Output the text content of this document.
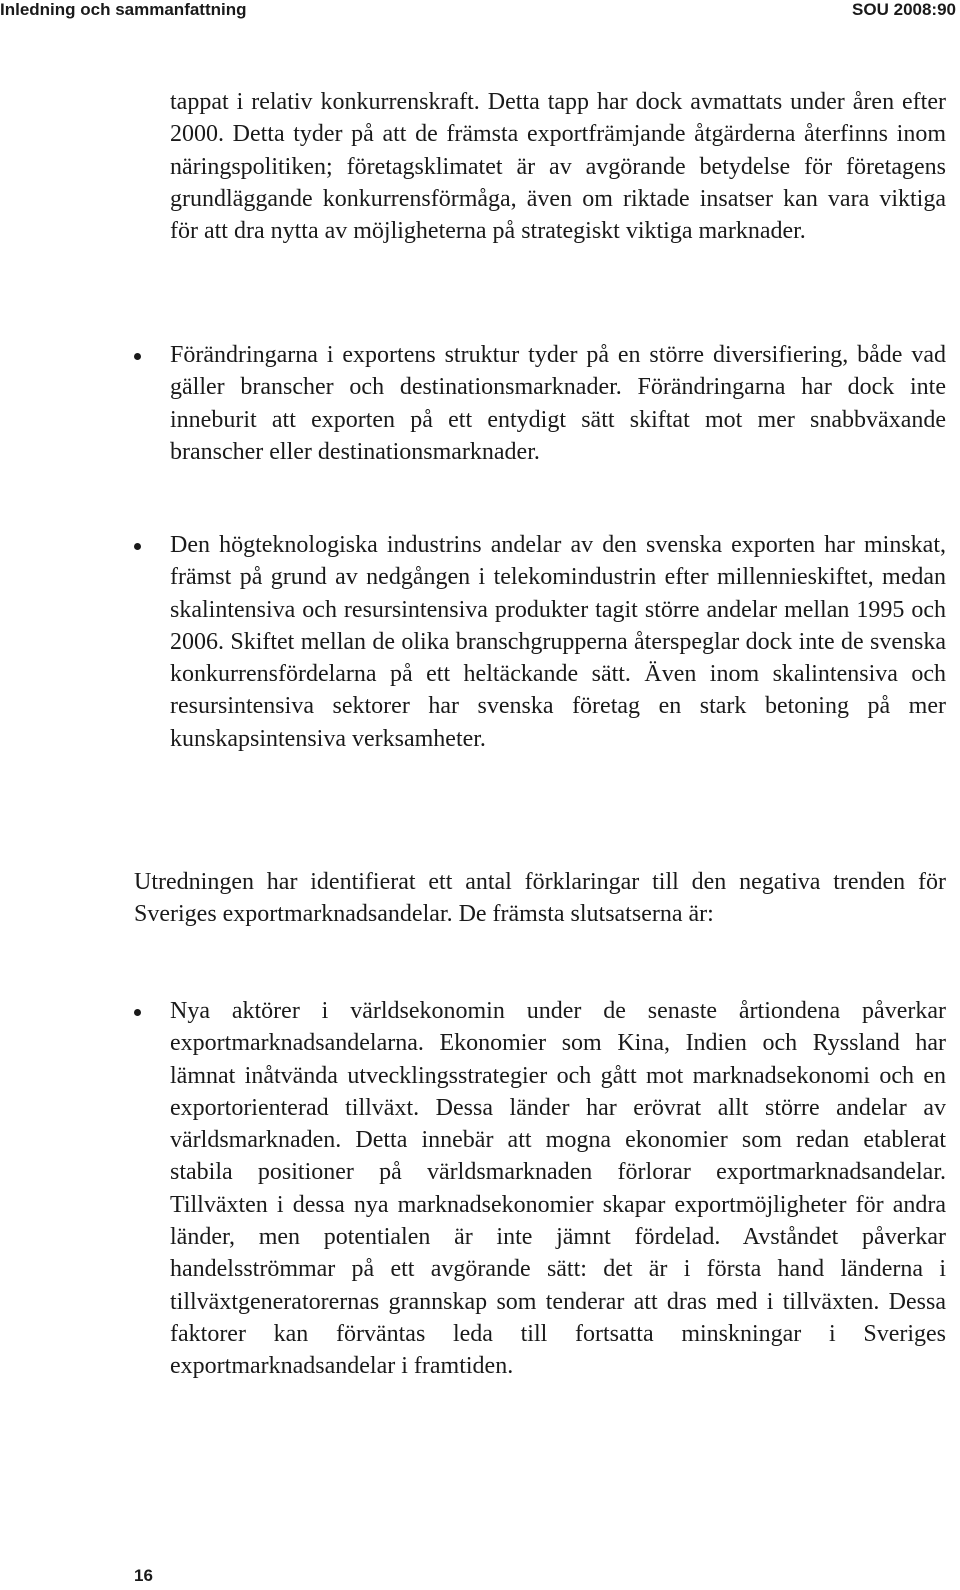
Inledning och sammanfattning	SOU 2008:90

tappat i relativ konkurrenskraft. Detta tapp har dock avmattats under åren efter 2000. Detta tyder på att de främsta exportfrämjande åtgärderna återfinns inom näringspolitiken; företagsklimatet är av avgörande betydelse för företagens grundläggande konkurrensförmåga, även om riktade insatser kan vara viktiga för att dra nytta av möjligheterna på strategiskt viktiga marknader.

Förändringarna i exportens struktur tyder på en större diversifiering, både vad gäller branscher och destinationsmarknader. Förändringarna har dock inte inneburit att exporten på ett entydigt sätt skiftat mot mer snabbväxande branscher eller destinationsmarknader.
Den högteknologiska industrins andelar av den svenska exporten har minskat, främst på grund av nedgången i telekomindustrin efter millennieskiftet, medan skalintensiva och resursintensiva produkter tagit större andelar mellan 1995 och 2006. Skiftet mellan de olika branschgrupperna återspeglar dock inte de svenska konkurrensfördelarna på ett heltäckande sätt. Även inom skalintensiva och resursintensiva sektorer har svenska företag en stark betoning på mer kunskapsintensiva verksamheter.

Utredningen har identifierat ett antal förklaringar till den negativa trenden för Sveriges exportmarknadsandelar. De främsta slutsatserna är:

Nya aktörer i världsekonomin under de senaste årtiondena påverkar exportmarknadsandelarna. Ekonomier som Kina, Indien och Ryssland har lämnat inåtvända utvecklingsstrategier och gått mot marknadsekonomi och en exportorienterad tillväxt. Dessa länder har erövrat allt större andelar av världsmarknaden. Detta innebär att mogna ekonomier som redan etablerat stabila positioner på världsmarknaden förlorar exportmarknadsandelar. Tillväxten i dessa nya marknadsekonomier skapar exportmöjligheter för andra länder, men potentialen är inte jämnt fördelad. Avståndet påverkar handelsströmmar på ett avgörande sätt: det är i första hand länderna i tillväxtgeneratorernas grannskap som tenderar att dras med i tillväxten. Dessa faktorer kan förväntas leda till fortsatta minskningar i Sveriges exportmarknadsandelar i framtiden.
16
